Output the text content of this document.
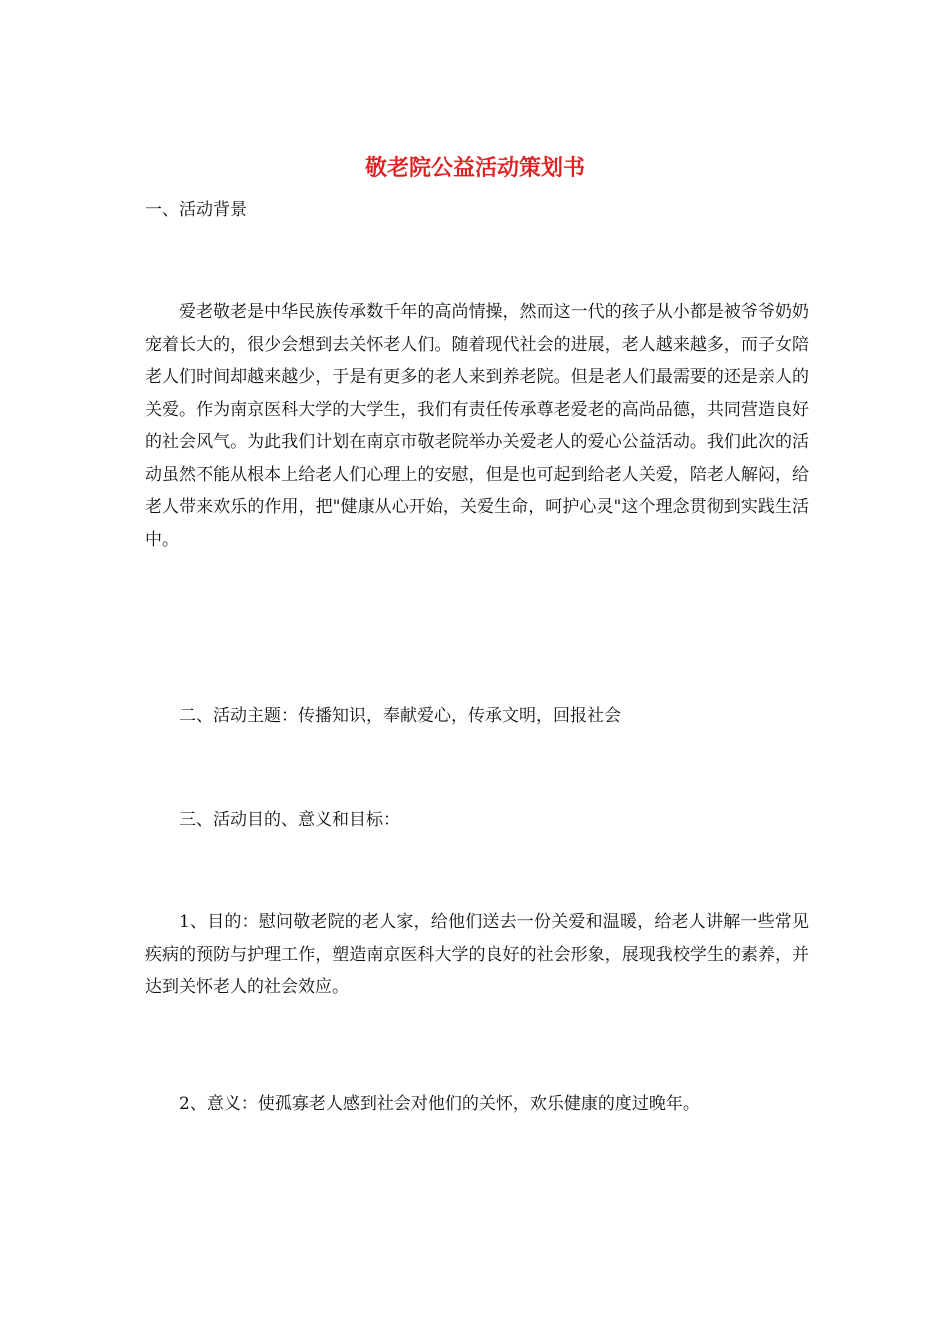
敬老院公益活动策划书

一、活动背景

爱老敬老是中华民族传承数千年的高尚情操，然而这一代的孩子从小都是被爷爷奶奶宠着长大的，很少会想到去关怀老人们。随着现代社会的进展，老人越来越多，而子女陪老人们时间却越来越少，于是有更多的老人来到养老院。但是老人们最需要的还是亲人的关爱。作为南京医科大学的大学生，我们有责任传承尊老爱老的高尚品德，共同营造良好的社会风气。为此我们计划在南京市敬老院举办关爱老人的爱心公益活动。我们此次的活动虽然不能从根本上给老人们心理上的安慰，但是也可起到给老人关爱，陪老人解闷，给老人带来欢乐的作用，把"健康从心开始，关爱生命，呵护心灵"这个理念贯彻到实践生活中。

二、活动主题：传播知识，奉献爱心，传承文明，回报社会

三、活动目的、意义和目标：

1、目的：慰问敬老院的老人家，给他们送去一份关爱和温暖，给老人讲解一些常见疾病的预防与护理工作，塑造南京医科大学的良好的社会形象，展现我校学生的素养，并达到关怀老人的社会效应。

2、意义：使孤寡老人感到社会对他们的关怀，欢乐健康的度过晚年。
